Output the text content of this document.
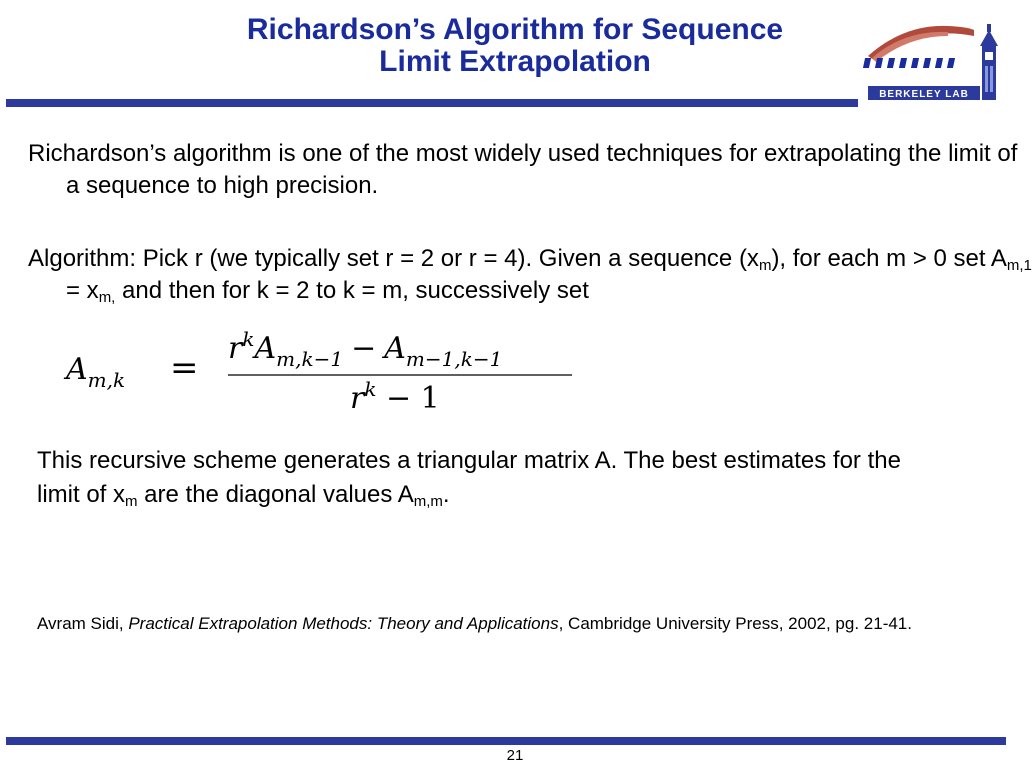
Richardson’s Algorithm for Sequence
Limit Extrapolation
BERKELEY LAB
Richardson’s algorithm is one of the most widely used techniques for extrapolating the limit of a sequence to high precision.
Algorithm: Pick r (we typically set r = 2 or r = 4). Given a sequence $(x_m)$, for each m > 0 set $A_{m,1} = x_{m,}$ and then for k = 2 to k = m, successively set
$A_{m,k} = r^kA_{m,k-1} - A_{m-1,k-1}$
$r^k - 1$
This recursive scheme generates a triangular matrix A. The best estimates for the limit of $x_m$ are the diagonal values $A_{m,m}$.
Avram Sidi, Practical Extrapolation Methods: Theory and Applications, Cambridge University Press, 2002, pg. 21-41.
21
